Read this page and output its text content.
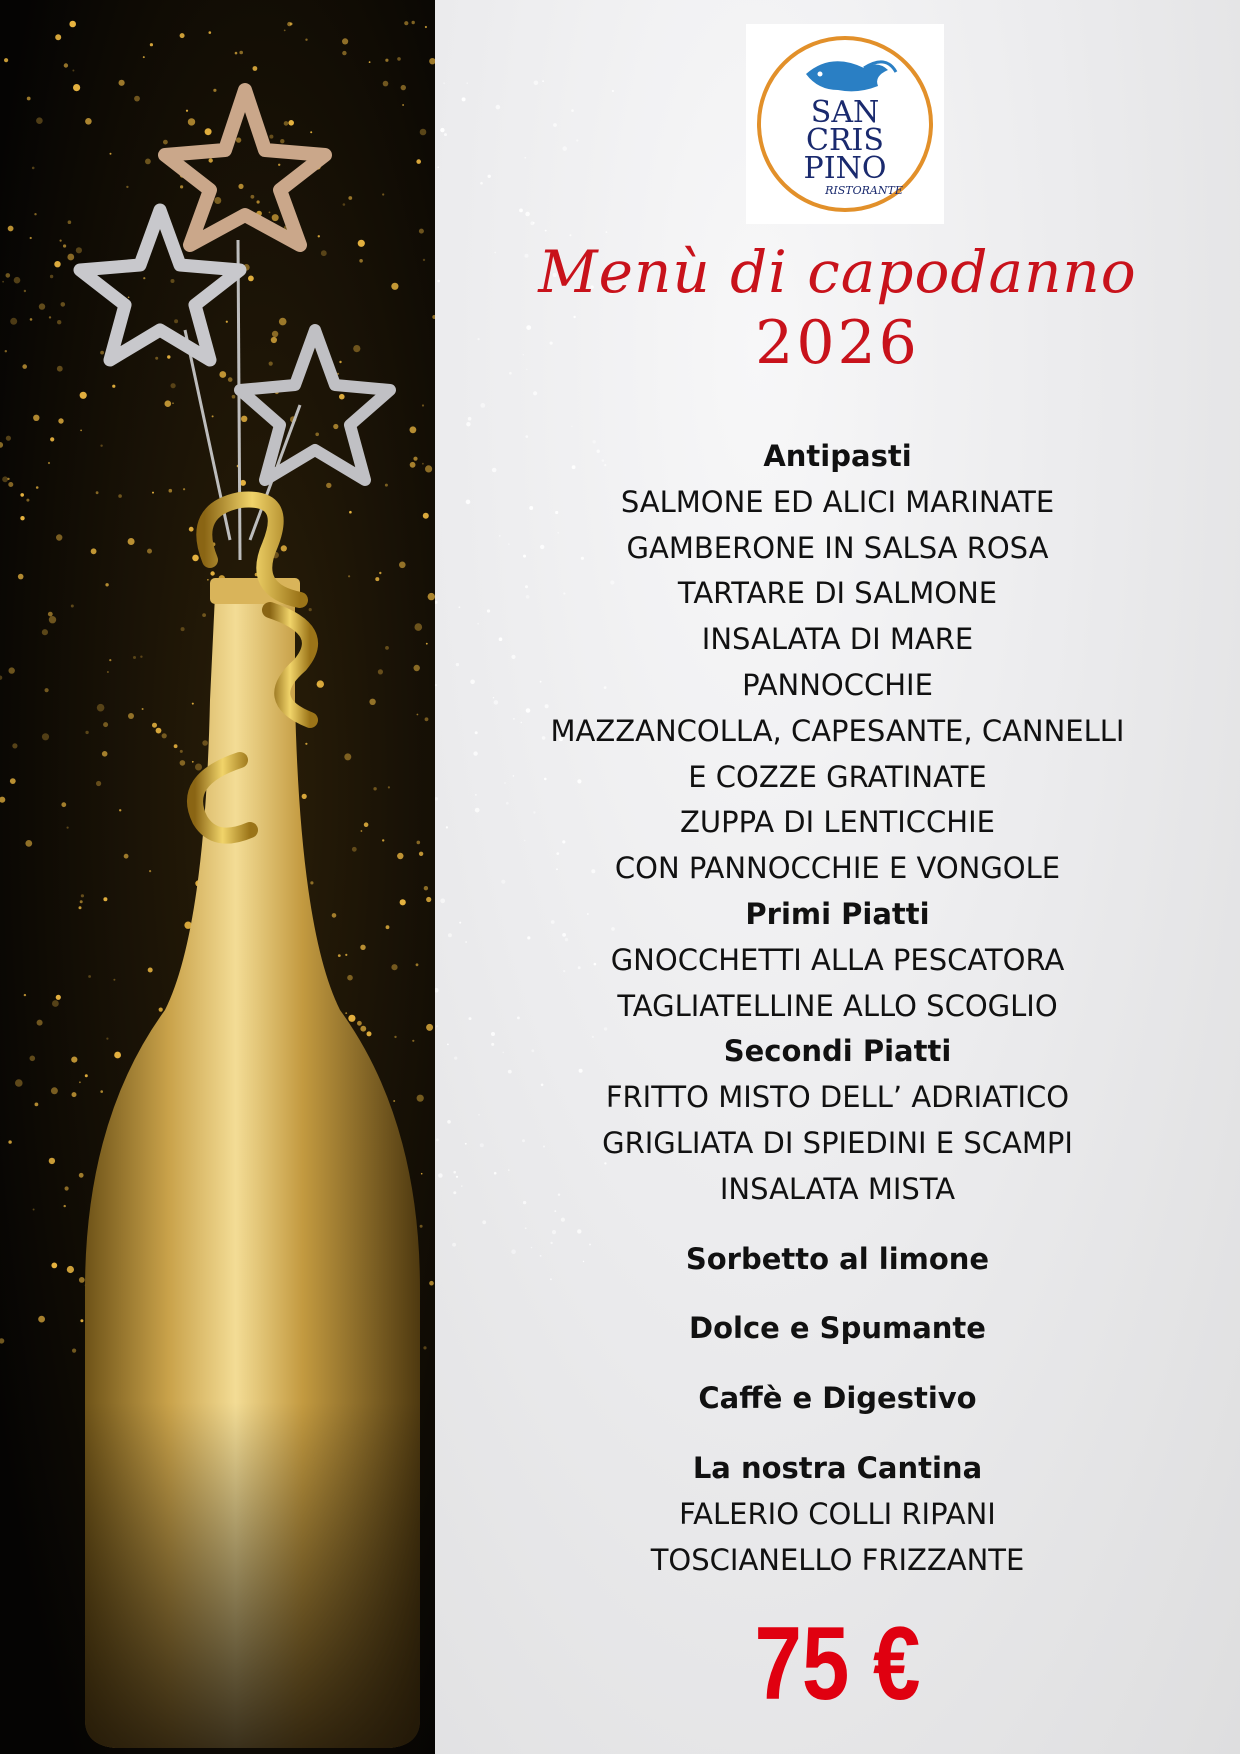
SAN
CRIS
PINO
RISTORANTE
Menù di capodanno
2026
Antipasti
SALMONE ED ALICI MARINATE
GAMBERONE IN SALSA ROSA
TARTARE DI SALMONE
INSALATA DI MARE
PANNOCCHIE
MAZZANCOLLA, CAPESANTE, CANNELLI
E COZZE GRATINATE
ZUPPA DI LENTICCHIE
CON PANNOCCHIE E VONGOLE
Primi Piatti
GNOCCHETTI ALLA PESCATORA
TAGLIATELLINE ALLO SCOGLIO
Secondi Piatti
FRITTO MISTO DELL’ ADRIATICO
GRIGLIATA DI SPIEDINI E SCAMPI
INSALATA MISTA
Sorbetto al limone
Dolce e Spumante
Caffè e Digestivo
La nostra Cantina
FALERIO COLLI RIPANI
TOSCIANELLO FRIZZANTE
75 €
